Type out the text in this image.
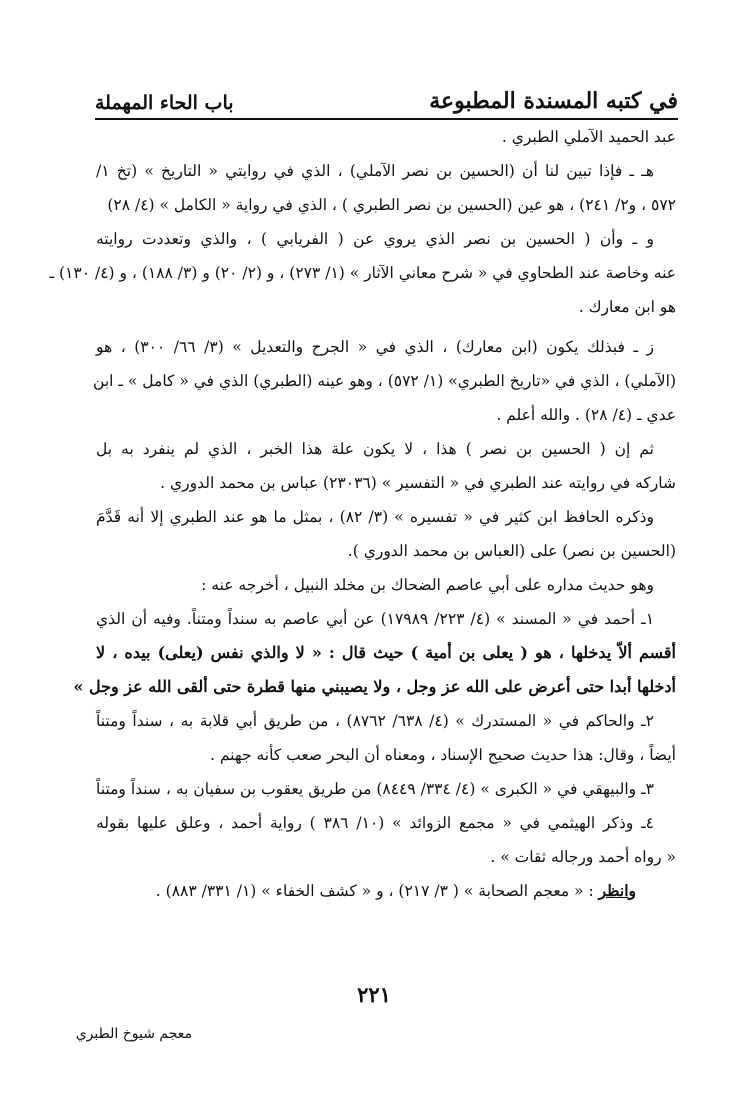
في كتبه المسندة المطبوعة
باب الحاء المهملة
عبد الحميد الآملي الطبري .
هـ ـ فإذا تبين لنا أن (الحسين بن نصر الآملي) ، الذي في روايتي « التاريخ » (تخ ١/
٥٧٢ ، و٢/ ٢٤١) ، هو عين (الحسين بن نصر الطبري ) ، الذي في رواية « الكامل » (٤/ ٢٨)
و ـ وأن ( الحسين بن نصر الذي يروي عن ( الفريابي ) ، والذي وتعددت روايته
عنه وخاصة عند الطحاوي في « شرح معاني الآثار » (١/ ٢٧٣) ، و (٢/ ٢٠) و (٣/ ١٨٨) ، و (٤/ ١٣٠) ـ
هو ابن معارك .
ز ـ فبذلك يكون (ابن معارك) ، الذي في « الجرح والتعديل » (٣/ ٦٦/ ٣٠٠) ، هو
(الآملي) ، الذي في «تاريخ الطبري» (١/ ٥٧٢) ، وهو عينه (الطبري) الذي في « كامل » ـ ابن
عدي ـ (٤/ ٢٨) . والله أعلم .
ثم إن ( الحسين بن نصر ) هذا ، لا يكون علة هذا الخبر ، الذي لم ينفرد به بل
شاركه في روايته عند الطبري في « التفسير » (٢٣٠٣٦) عباس بن محمد الدوري .
وذكره الحافظ ابن كثير في « تفسيره » (٣/ ٨٢) ، بمثل ما هو عند الطبري إلا أنه قَدَّمَ
(الحسين بن نصر) على (العباس بن محمد الدوري ).
وهو حديث مداره على أبي عاصم الضحاك بن مخلد النبيل ، أخرجه عنه :
١ـ أحمد في « المسند » (٤/ ٢٢٣/ ١٧٩٨٩) عن أبي عاصم به سنداً ومتناً. وفيه أن الذي
أقسم ألاّ يدخلها ، هو ( يعلى بن أمية ) حيث قال : « لا والذي نفس (يعلى) بيده ، لا
أدخلها أبدا حتى أعرض على الله عز وجل ، ولا يصيبني منها قطرة حتى ألقى الله عز وجل »
٢ـ والحاكم في « المستدرك » (٤/ ٦٣٨/ ٨٧٦٢) ، من طريق أبي قلابة به ، سنداً ومتناً
أيضاً ، وقال: هذا حديث صحيح الإسناد ، ومعناه أن البحر صعب كأنه جهنم .
٣ـ والبيهقي في « الكبرى » (٤/ ٣٣٤/ ٨٤٤٩) من طريق يعقوب بن سفيان به ، سنداً ومتناً
٤ـ وذكر الهيثمي في « مجمع الزوائد » (١٠/ ٣٨٦ ) رواية أحمد ، وعلق عليها بقوله
« رواه أحمد ورجاله ثقات » .
وانظر : « معجم الصحابة » ( ٣/ ٢١٧) ، و « كشف الخفاء » (١/ ٣٣١/ ٨٨٣) .
٢٢١
معجم شيوخ الطبري
